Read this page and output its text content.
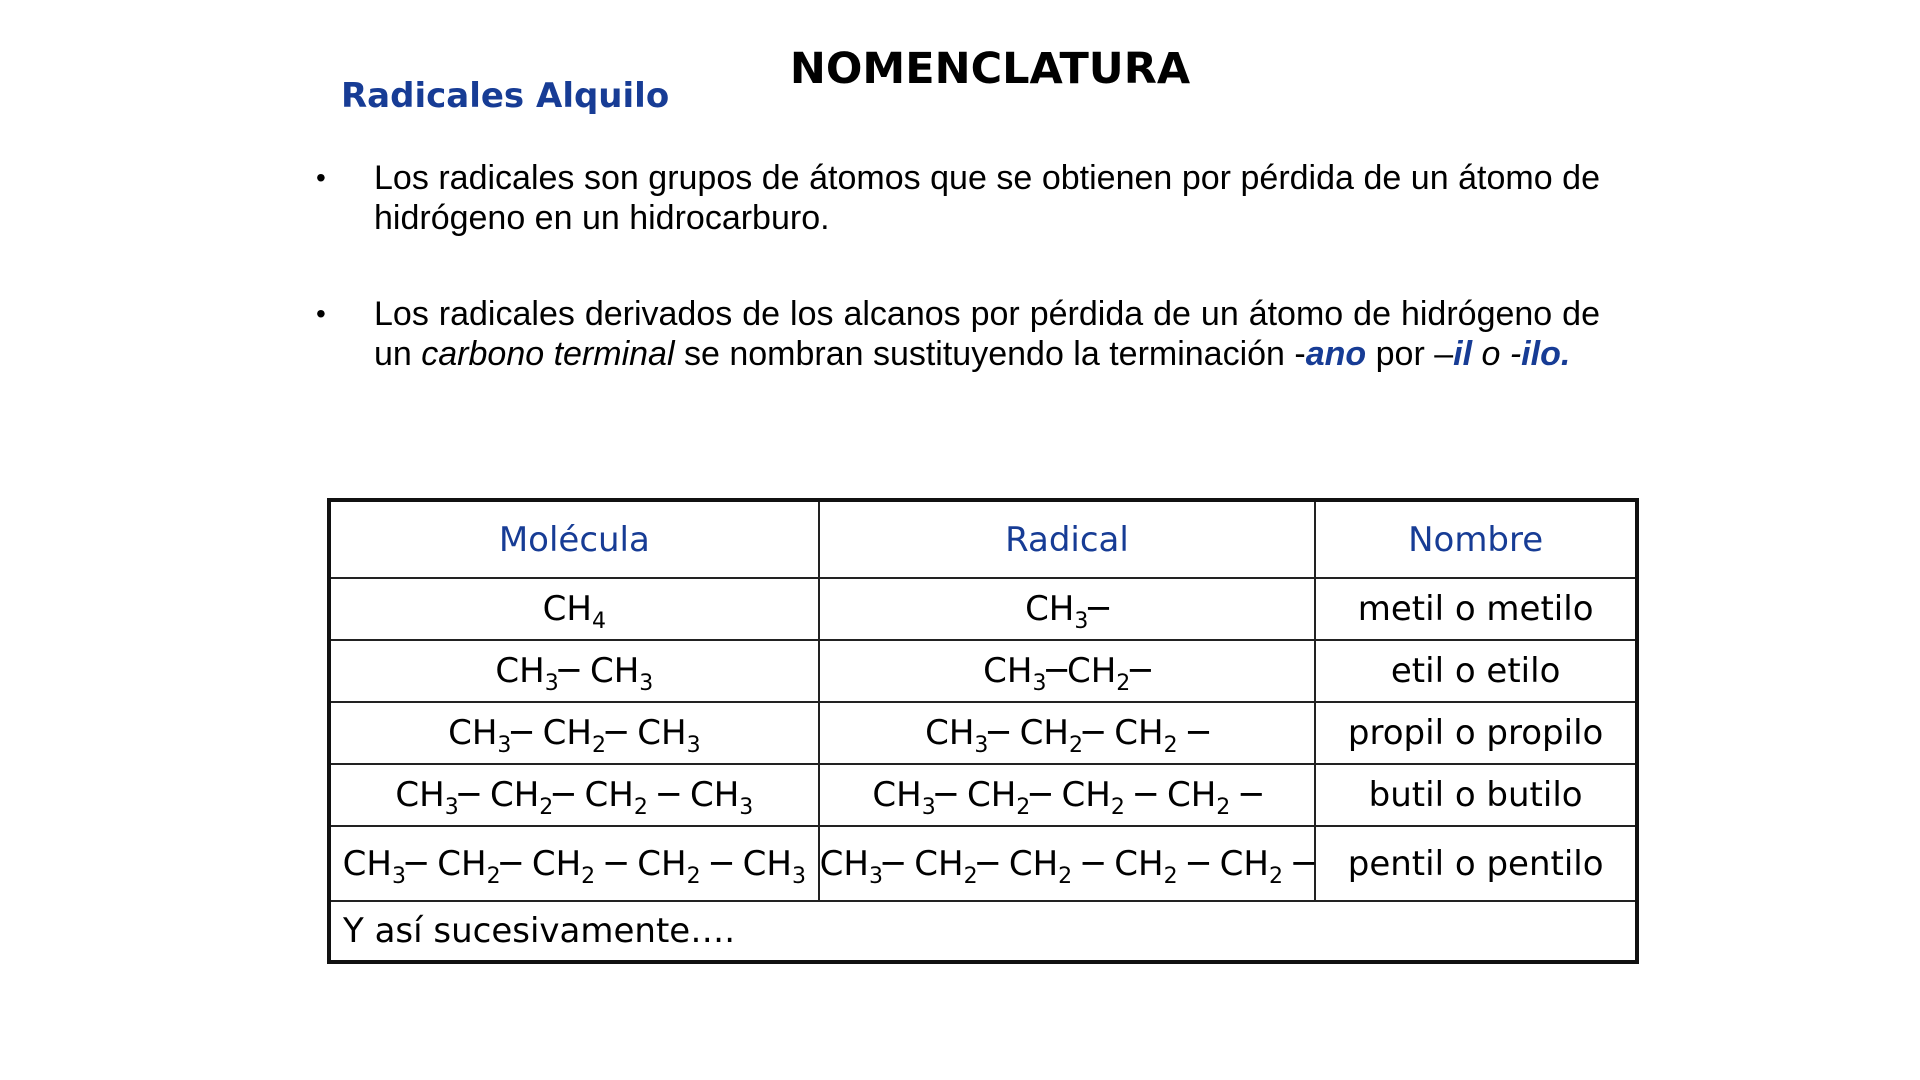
NOMENCLATURA
Radicales Alquilo
• Los radicales son grupos de átomos que se obtienen por pérdida de un átomo de hidrógeno en un hidrocarburo.
• Los radicales derivados de los alcanos por pérdida de un átomo de hidrógeno de un carbono terminal se nombran sustituyendo la terminación -ano por –il o -ilo.
Molécula	Radical	Nombre
$CH_4$	$CH_3─$	metil o metilo
$CH_3─$ $CH_3$	$CH_3─CH_2─$	etil o etilo
$CH_3─$ $CH_2─$ $CH_3$	$CH_3─$ $CH_2─$ $CH_2$ ─	propil o propilo
$CH_3─$ $CH_2─$ $CH_2$ ─ $CH_3$	$CH_3─$ $CH_2─$ $CH_2$ ─ $CH_2$ ─	butil o butilo
$CH_3─$ $CH_2─$ $CH_2$ ─ $CH_2$ ─ $CH_3$	$CH_3─$ $CH_2─$ $CH_2$ ─ $CH_2$ ─ $CH_2$ ─	pentil o pentilo
Y así sucesivamente….		
